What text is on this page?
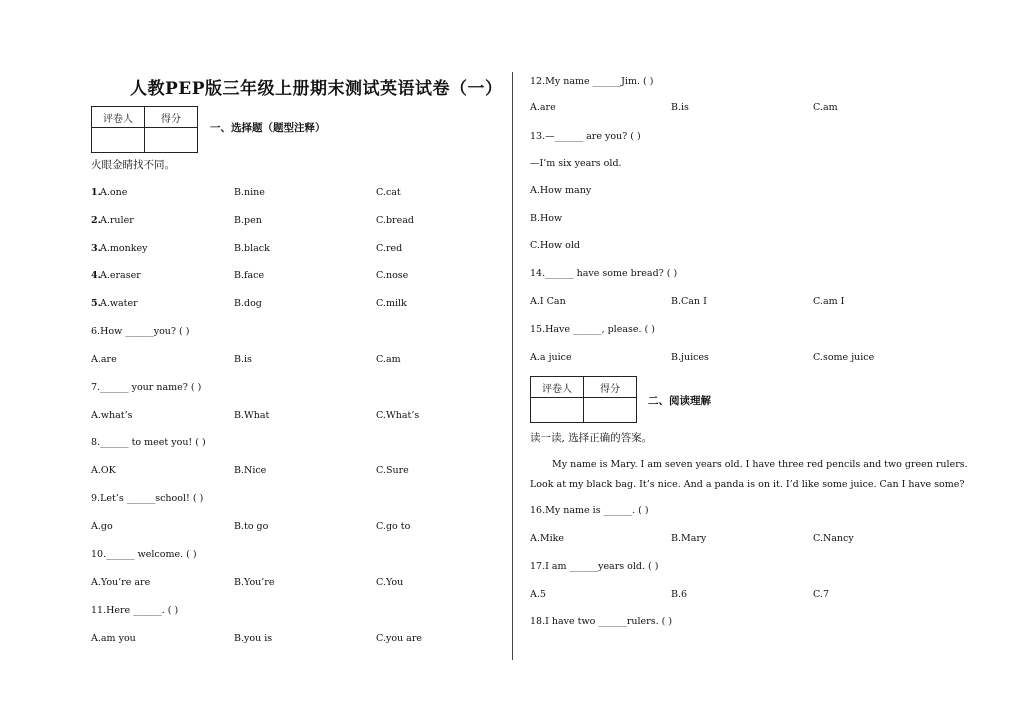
人教PEP版三年级上册期末测试英语试卷（一）
评卷人	得分

一、选择题（题型注释）
火眼金睛找不同。
1. A.one	B.nine	C.cat
2. A.ruler	B.pen	C.bread
3. A.monkey	B.black	C.red
4. A.eraser	B.face	C.nose
5. A.water	B.dog	C.milk
6.How ______you? ( )
A.are	B.is	C.am
7.______ your name? ( )
A.what’s	B.What	C.What’s
8.______ to meet you! ( )
A.OK	B.Nice	C.Sure
9.Let’s ______school! ( )
A.go	B.to go	C.go to
10.______ welcome. ( )
A.You’re are	B.You’re	C.You
11.Here ______. ( )
A.am you	B.you is	C.you are
12.My name ______Jim. ( )
A.are	B.is	C.am
13.—______ are you? ( )
—I’m six years old.
A.How many
B.How
C.How old
14.______ have some bread? ( )
A.I Can	B.Can I	C.am I
15.Have ______, please. ( )
A.a juice	B.juices	C.some juice
评卷人	得分

二、阅读理解
读一读, 选择正确的答案。
My name is Mary. I am seven years old. I have three red pencils and two green rulers.
Look at my black bag. It’s nice. And a panda is on it. I’d like some juice. Can I have some?
16.My name is ______. ( )
A.Mike	B.Mary	C.Nancy
17.I am ______years old. ( )
A.5	B.6	C.7
18.I have two ______rulers. ( )
